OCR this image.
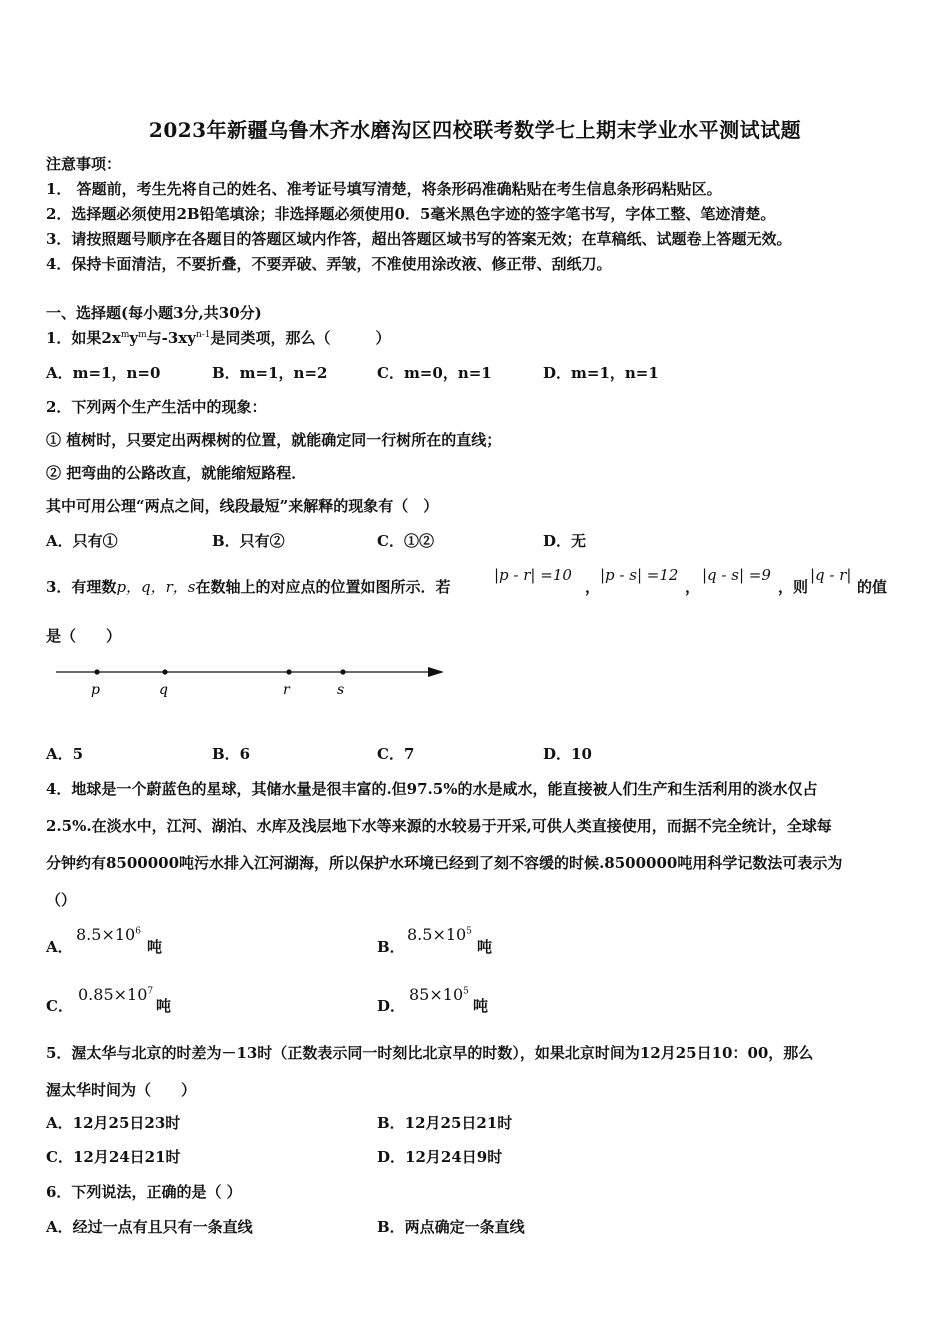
2023年新疆乌鲁木齐水磨沟区四校联考数学七上期末学业水平测试试题
注意事项：
1． 答题前，考生先将自己的姓名、准考证号填写清楚，将条形码准确粘贴在考生信息条形码粘贴区。
2．选择题必须使用2B铅笔填涂；非选择题必须使用0．5毫米黑色字迹的签字笔书写，字体工整、笔迹清楚。
3．请按照题号顺序在各题目的答题区域内作答，超出答题区域书写的答案无效；在草稿纸、试题卷上答题无效。
4．保持卡面清洁，不要折叠，不要弄破、弄皱，不准使用涂改液、修正带、刮纸刀。
一、选择题(每小题3分,共30分)
1．如果$2x^my^m$与$-3xy^{n-1}$是同类项，那么（　　　）
A．m=1，n=0	B．m=1，n=2	C．m=0，n=1	D．m=1，n=1
2．下列两个生产生活中的现象：
① 植树时，只要定出两棵树的位置，就能确定同一行树所在的直线；
② 把弯曲的公路改直，就能缩短路程．
其中可用公理“两点之间，线段最短”来解释的现象有（　）
A．只有①	B．只有②	C．①②	D．无
3．有理数p，q，r，s在数轴上的对应点的位置如图所示．若
|p - r| =10
，
|p - s| =12
，
|q - s| =9
，则
|q - r|
的值
是（　　）
p	q	r	s
A．5	B．6	C．7	D．10
4．地球是一个蔚蓝色的星球，其储水量是很丰富的.但97.5%的水是咸水，能直接被人们生产和生活利用的淡水仅占
2.5%.在淡水中，江河、湖泊、水库及浅层地下水等来源的水较易于开采,可供人类直接使用，而据不完全统计，全球每
分钟约有8500000吨污水排入江河湖海，所以保护水环境已经到了刻不容缓的时候.8500000吨用科学记数法可表示为
（）
A．
$8.5\times 10^6$
吨	B．
$8.5\times 10^5$
吨
C．
$0.85\times 10^7$
吨	D．
$85\times 10^5$
吨
5．渥太华与北京的时差为－13时（正数表示同一时刻比北京早的时数），如果北京时间为12月25日10：00，那么
渥太华时间为（　　）
A．12月25日23时	B．12月25日21时
C．12月24日21时	D．12月24日9时
6．下列说法，正确的是（ ）
A．经过一点有且只有一条直线	B．两点确定一条直线
